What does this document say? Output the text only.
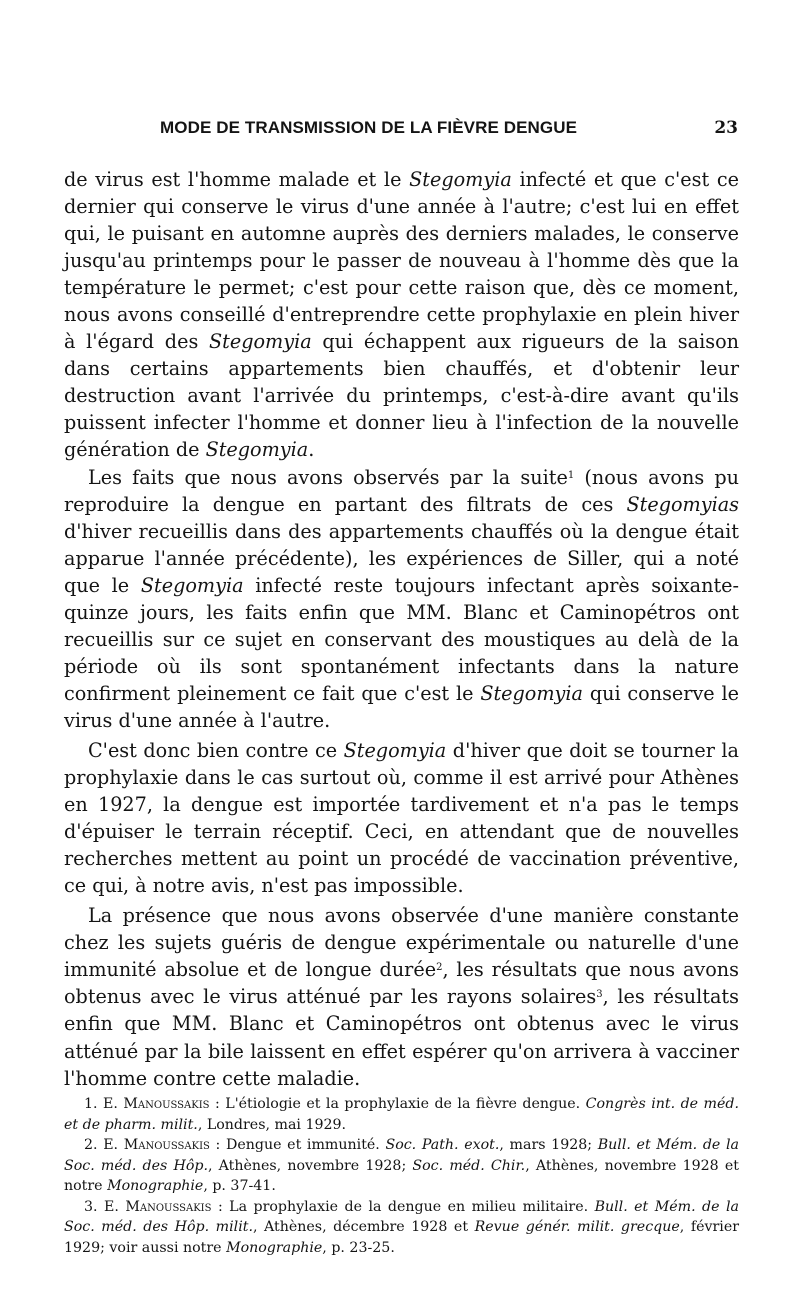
MODE DE TRANSMISSION DE LA FIÈVRE DENGUE	23

de virus est l'homme malade et le Stegomyia infecté et que c'est ce dernier qui conserve le virus d'une année à l'autre; c'est lui en effet qui, le puisant en automne auprès des derniers malades, le conserve jusqu'au printemps pour le passer de nouveau à l'homme dès que la température le permet; c'est pour cette raison que, dès ce moment, nous avons conseillé d'entreprendre cette prophylaxie en plein hiver à l'égard des Stegomyia qui échappent aux rigueurs de la saison dans certains appartements bien chauffés, et d'obtenir leur destruction avant l'arrivée du printemps, c'est-à-dire avant qu'ils puissent infecter l'homme et donner lieu à l'infection de la nouvelle génération de Stegomyia.

Les faits que nous avons observés par la suite$^1$ (nous avons pu reproduire la dengue en partant des filtrats de ces Stegomyias d'hiver recueillis dans des appartements chauffés où la dengue était apparue l'année précédente), les expériences de Siller, qui a noté que le Stegomyia infecté reste toujours infectant après soixante-quinze jours, les faits enfin que MM. Blanc et Caminopétros ont recueillis sur ce sujet en conservant des moustiques au delà de la période où ils sont spontanément infectants dans la nature confirment pleinement ce fait que c'est le Stegomyia qui conserve le virus d'une année à l'autre.

C'est donc bien contre ce Stegomyia d'hiver que doit se tourner la prophylaxie dans le cas surtout où, comme il est arrivé pour Athènes en 1927, la dengue est importée tardivement et n'a pas le temps d'épuiser le terrain réceptif. Ceci, en attendant que de nouvelles recherches mettent au point un procédé de vaccination préventive, ce qui, à notre avis, n'est pas impossible.

La présence que nous avons observée d'une manière constante chez les sujets guéris de dengue expérimentale ou naturelle d'une immunité absolue et de longue durée$^2$, les résultats que nous avons obtenus avec le virus atténué par les rayons solaires$^3$, les résultats enfin que MM. Blanc et Caminopétros ont obtenus avec le virus atténué par la bile laissent en effet espérer qu'on arrivera à vacciner l'homme contre cette maladie.

1. E. Manoussakis : L'étiologie et la prophylaxie de la fièvre dengue. Congrès int. de méd. et de pharm. milit., Londres, mai 1929.

2. E. Manoussakis : Dengue et immunité. Soc. Path. exot., mars 1928; Bull. et Mém. de la Soc. méd. des Hôp., Athènes, novembre 1928; Soc. méd. Chir., Athènes, novembre 1928 et notre Monographie, p. 37-41.

3. E. Manoussakis : La prophylaxie de la dengue en milieu militaire. Bull. et Mém. de la Soc. méd. des Hôp. milit., Athènes, décembre 1928 et Revue génér. milit. grecque, février 1929; voir aussi notre Monographie, p. 23-25.
